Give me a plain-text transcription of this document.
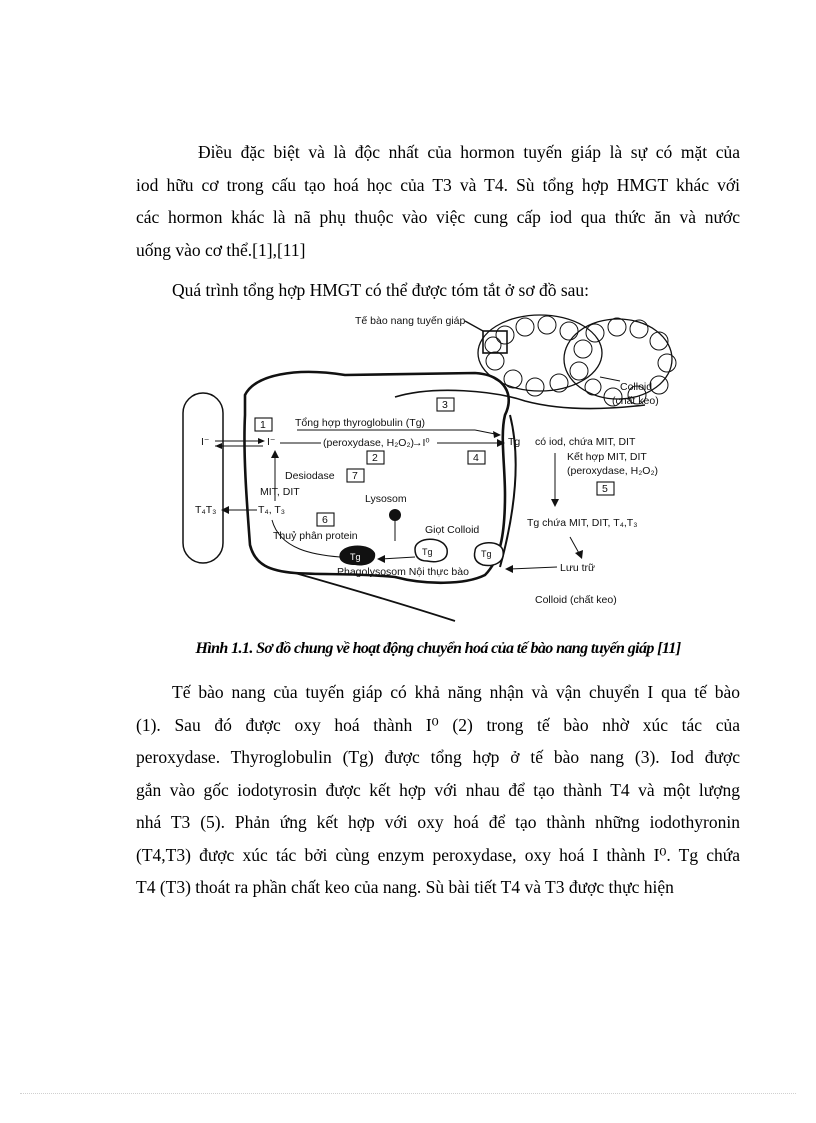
Điều đặc biệt và là độc nhất của hormon tuyến giáp là sự có mặt của
iod hữu cơ trong cấu tạo hoá học của T3 và T4. Sù tổng hợp HMGT khác với
các hormon khác là nã phụ thuộc vào việc cung cấp iod qua thức ăn và nước
uống vào cơ thể.[1],[11]

Quá trình tổng hợp HMGT có thể được tóm tắt ở sơ đồ sau:

Tế bào nang tuyến giáp
Colloid
(chất keo)
3
Tổng hợp thyroglobulin (Tg)
1
I⁻	I⁻	(peroxydase, H₂O₂)
→I⁰	Tg có iod, chứa MIT, DIT
2	4	Kết hợp MIT, DIT
(peroxydase, H₂O₂)
5
Desiodase 7
MIT, DIT
T₄T₃	T₄, T₃
Lysosom
6
Thuỷ phân protein
Tg chứa MIT, DIT, T₄,T₃
Giọt Colloid
Tg	Tg	Tg
Phagolysosom Nội thực bào	Lưu trữ
Colloid (chất keo)
Hình 1.1. Sơ đồ chung về hoạt động chuyển hoá của tế bào nang tuyến giáp [11]

Tế bào nang của tuyến giáp có khả năng nhận và vận chuyển I qua tế bào
(1). Sau đó được oxy hoá thành I⁰ (2) trong tế bào nhờ xúc tác của
peroxydase. Thyroglobulin (Tg) được tổng hợp ở tế bào nang (3). Iod được
gắn vào gốc iodotyrosin được kết hợp với nhau để tạo thành T4 và một lượng
nhá T3 (5). Phản ứng kết hợp với oxy hoá để tạo thành những iodothyronin
(T4,T3) được xúc tác bởi cùng enzym peroxydase, oxy hoá I thành I⁰. Tg chứa
T4 (T3) thoát ra phần chất keo của nang. Sù bài tiết T4 và T3 được thực hiện
